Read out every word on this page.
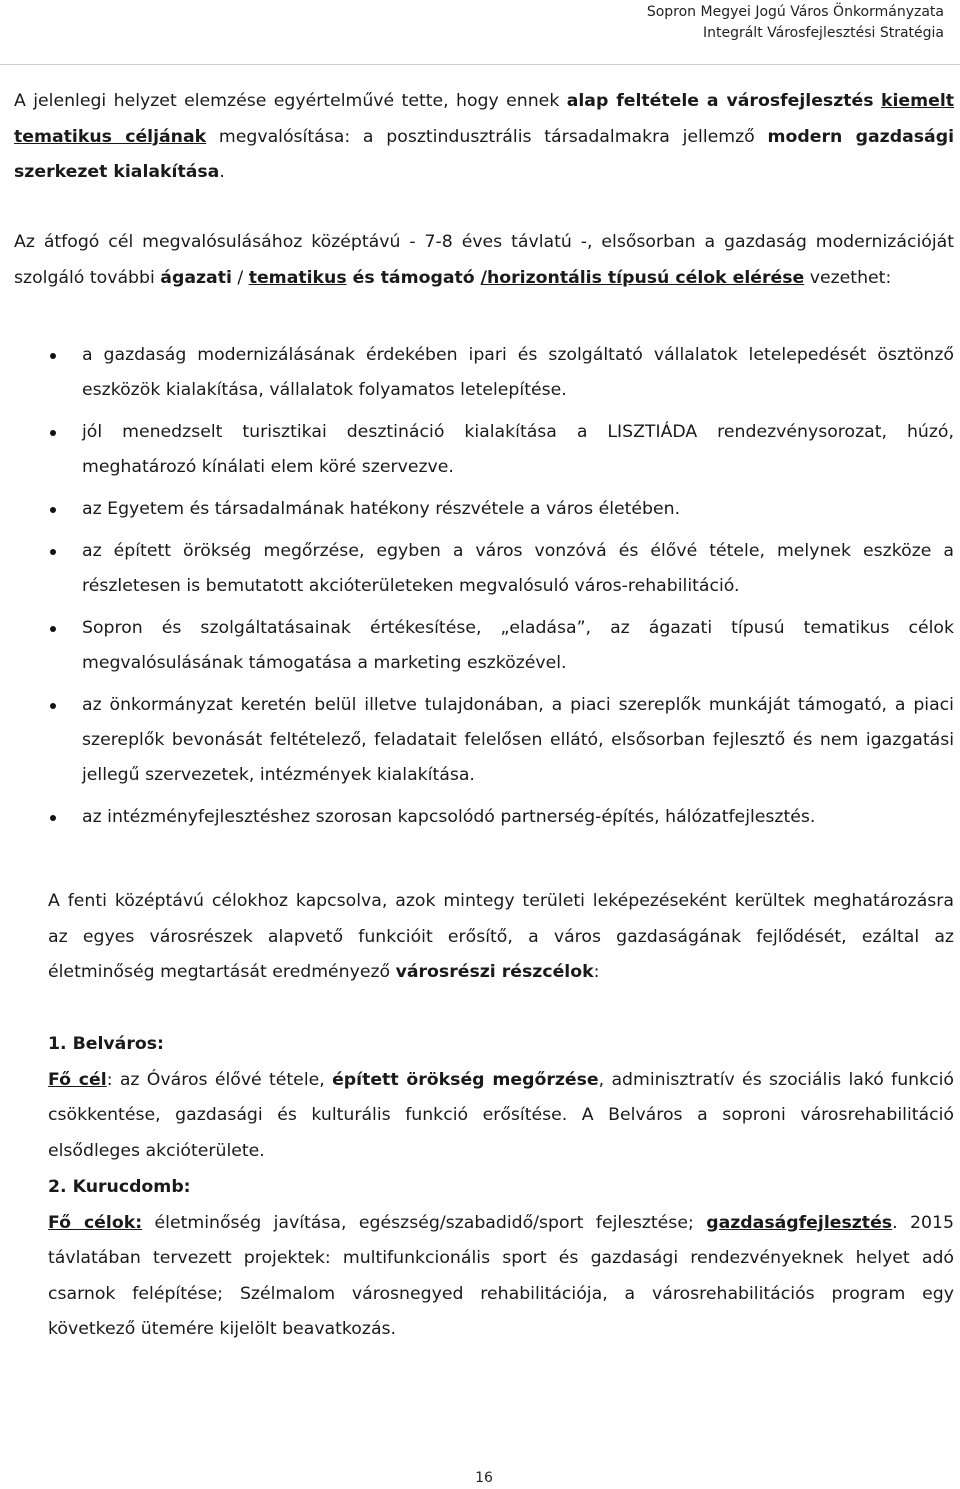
Sopron Megyei Jogú Város Önkormányzata
Integrált Városfejlesztési Stratégia

A jelenlegi helyzet elemzése egyértelművé tette, hogy ennek alap feltétele a városfejlesztés kiemelt tematikus céljának megvalósítása: a posztindusztrális társadalmakra jellemző modern gazdasági szerkezet kialakítása.

Az átfogó cél megvalósulásához középtávú - 7-8 éves távlatú -, elsősorban a gazdaság modernizációját szolgáló további ágazati / tematikus és támogató /horizontális típusú célok elérése vezethet:

a gazdaság modernizálásának érdekében ipari és szolgáltató vállalatok letelepedését ösztönző eszközök kialakítása, vállalatok folyamatos letelepítése.
jól menedzselt turisztikai desztináció kialakítása a LISZTIÁDA rendezvénysorozat, húzó, meghatározó kínálati elem köré szervezve.
az Egyetem és társadalmának hatékony részvétele a város életében.
az épített örökség megőrzése, egyben a város vonzóvá és élővé tétele, melynek eszköze a részletesen is bemutatott akcióterületeken megvalósuló város-rehabilitáció.
Sopron és szolgáltatásainak értékesítése, „eladása”, az ágazati típusú tematikus célok megvalósulásának támogatása a marketing eszközével.
az önkormányzat keretén belül illetve tulajdonában, a piaci szereplők munkáját támogató, a piaci szereplők bevonását feltételező, feladatait felelősen ellátó, elsősorban fejlesztő és nem igazgatási jellegű szervezetek, intézmények kialakítása.
az intézményfejlesztéshez szorosan kapcsolódó partnerség-építés, hálózatfejlesztés.

A fenti középtávú célokhoz kapcsolva, azok mintegy területi leképezéseként kerültek meghatározásra az egyes városrészek alapvető funkcióit erősítő, a város gazdaságának fejlődését, ezáltal az életminőség megtartását eredményező városrészi részcélok:

1. Belváros:

Fő cél: az Óváros élővé tétele, épített örökség megőrzése, adminisztratív és szociális lakó funkció csökkentése, gazdasági és kulturális funkció erősítése. A Belváros a soproni városrehabilitáció elsődleges akcióterülete.

2. Kurucdomb:

Fő célok: életminőség javítása, egészség/szabadidő/sport fejlesztése; gazdaságfejlesztés. 2015 távlatában tervezett projektek: multifunkcionális sport és gazdasági rendezvényeknek helyet adó csarnok felépítése; Szélmalom városnegyed rehabilitációja, a városrehabilitációs program egy következő ütemére kijelölt beavatkozás.

16
